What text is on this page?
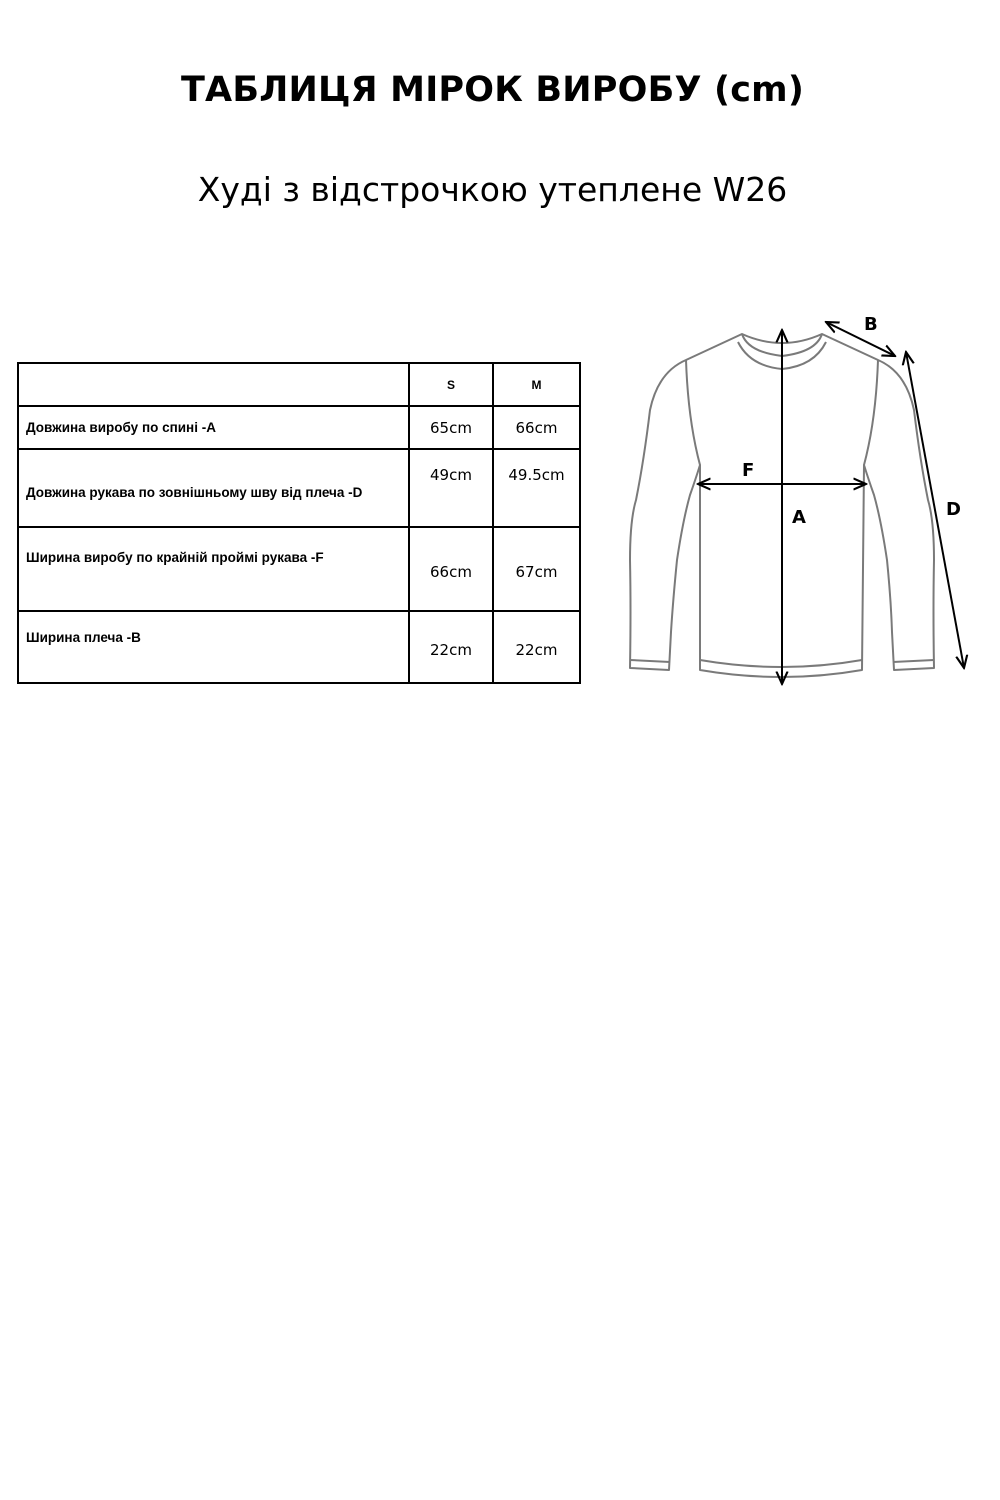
ТАБЛИЦЯ МІРОК ВИРОБУ (cm)
Худі з відстрочкою утеплене W26
	S	M
Довжина виробу по спині -A	65cm	66cm
Довжина рукава по зовнішньому шву від плеча -D	49cm	49.5cm
Ширина виробу по крайній проймі рукава -F	66cm	67cm
Ширина плеча -B	22cm	22cm
F
A
B
D
